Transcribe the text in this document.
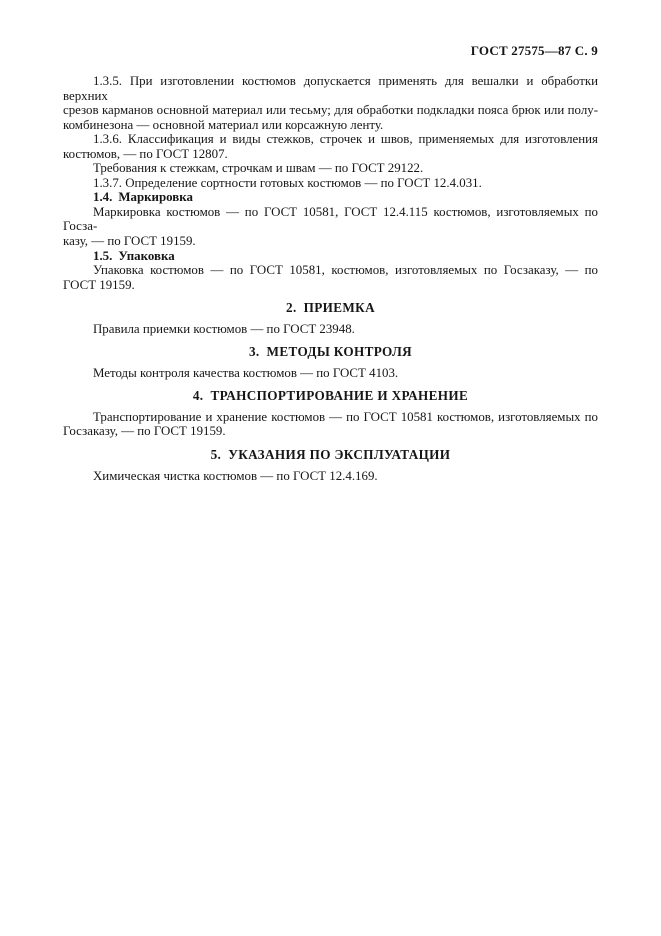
ГОСТ 27575—87 С. 9
1.3.5. При изготовлении костюмов допускается применять для вешалки и обработки верхних
срезов карманов основной материал или тесьму; для обработки подкладки пояса брюк или полу-
комбинезона — основной материал или корсажную ленту.
1.3.6. Классификация и виды стежков, строчек и швов, применяемых для изготовления
костюмов, — по ГОСТ 12807.
Требования к стежкам, строчкам и швам — по ГОСТ 29122.
1.3.7. Определение сортности готовых костюмов — по ГОСТ 12.4.031.
1.4. Маркировка
Маркировка костюмов — по ГОСТ 10581, ГОСТ 12.4.115 костюмов, изготовляемых по Госза-
казу, — по ГОСТ 19159.
1.5. Упаковка
Упаковка костюмов — по ГОСТ 10581, костюмов, изготовляемых по Госзаказу, — по
ГОСТ 19159.
2. ПРИЕМКА
Правила приемки костюмов — по ГОСТ 23948.
3. МЕТОДЫ КОНТРОЛЯ
Методы контроля качества костюмов — по ГОСТ 4103.
4. ТРАНСПОРТИРОВАНИЕ И ХРАНЕНИЕ
Транспортирование и хранение костюмов — по ГОСТ 10581 костюмов, изготовляемых по
Госзаказу, — по ГОСТ 19159.
5. УКАЗАНИЯ ПО ЭКСПЛУАТАЦИИ
Химическая чистка костюмов — по ГОСТ 12.4.169.
